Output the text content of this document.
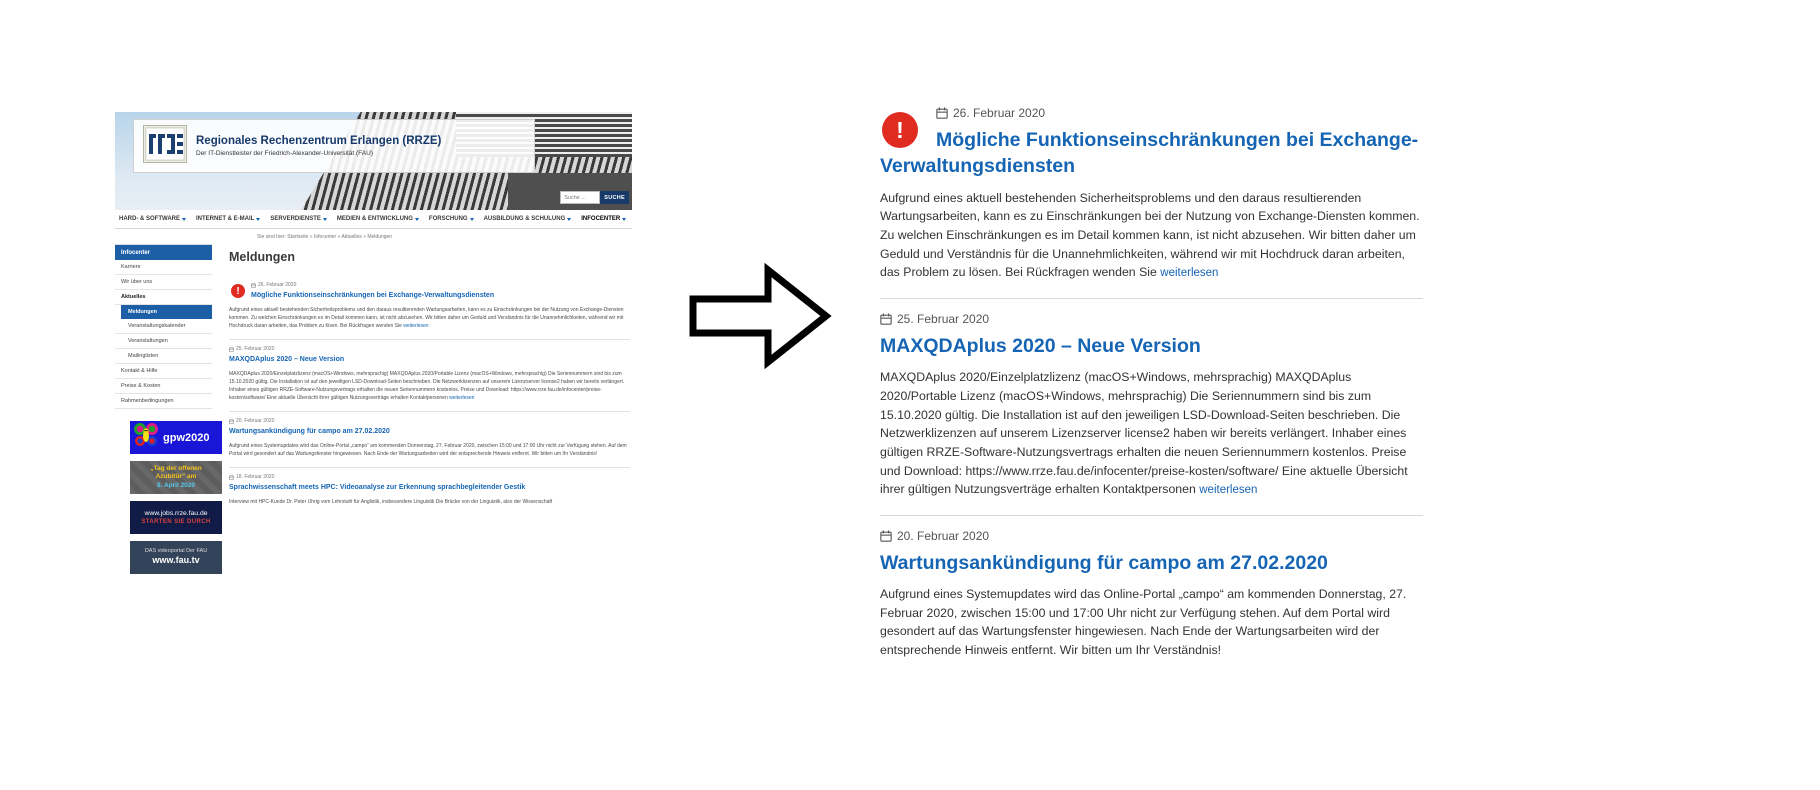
Regionales Rechenzentrum Erlangen (RRZE)
Der IT-Dienstleister der Friedrich-Alexander-Universität (FAU)
Suche ...
SUCHE
HARD- & SOFTWARE	INTERNET & E-MAIL	SERVERDIENSTE	MEDIEN & ENTWICKLUNG	FORSCHUNG	AUSBILDUNG & SCHULUNG	INFOCENTER
Sie sind hier: Startseite » Infocenter » Aktuelles » Meldungen
Infocenter
Karriere
Wir über uns
Aktuelles
Meldungen
Veranstaltungskalender
Veranstaltungen
Mailinglisten
Kontakt & Hilfe
Preise & Kosten
Rahmenbedingungen
gpw2020
„Tag der offenen
Azubitür“ am
8. April 2020
www.jobs.rrze.fau.de
STARTEN SIE DURCH
DAS videoportal Der FAU
www.fau.tv
Meldungen
!
26. Februar 2020
Mögliche Funktionseinschränkungen bei Exchange-Verwaltungsdiensten
Aufgrund eines aktuell bestehenden Sicherheitsproblems und den daraus resultierenden Wartungsarbeiten, kann es zu Einschränkungen bei der Nutzung von Exchange-Diensten kommen. Zu welchen Einschränkungen es im Detail kommen kann, ist nicht abzusehen. Wir bitten daher um Geduld und Verständnis für die Unannehmlichkeiten, während wir mit Hochdruck daran arbeiten, das Problem zu lösen. Bei Rückfragen wenden Sie weiterlesen
25. Februar 2020
MAXQDAplus 2020 – Neue Version
MAXQDAplus 2020/Einzelplatzlizenz (macOS+Windows, mehrsprachig) MAXQDAplus 2020/Portable Lizenz (macOS+Windows, mehrsprachig) Die Seriennummern sind bis zum 15.10.2020 gültig. Die Installation ist auf den jeweiligen LSD-Download-Seiten beschrieben. Die Netzwerklizenzen auf unserem Lizenzserver license2 haben wir bereits verlängert. Inhaber eines gültigen RRZE-Software-Nutzungsvertrags erhalten die neuen Seriennummern kostenlos. Preise und Download: https://www.rrze.fau.de/infocenter/preise-kosten/software/ Eine aktuelle Übersicht ihrer gültigen Nutzungsverträge erhalten Kontaktpersonen weiterlesen
20. Februar 2020
Wartungsankündigung für campo am 27.02.2020
Aufgrund eines Systemupdates wird das Online-Portal „campo“ am kommenden Donnerstag, 27. Februar 2020, zwischen 15:00 und 17:00 Uhr nicht zur Verfügung stehen. Auf dem Portal wird gesondert auf das Wartungsfenster hingewiesen. Nach Ende der Wartungsarbeiten wird der entsprechende Hinweis entfernt. Wir bitten um Ihr Verständnis!
18. Februar 2020
Sprachwissenschaft meets HPC: Videoanalyse zur Erkennung sprachbegleitender Gestik
Interview mit HPC-Kunde Dr. Peter Uhrig vom Lehrstuhl für Anglistik, insbesondere Linguistik Die Brücke von der Linguistik, also der Wissenschaft
!
26. Februar 2020
Mögliche Funktionseinschränkungen bei Exchange-Verwaltungsdiensten
Aufgrund eines aktuell bestehenden Sicherheitsproblems und den daraus resultierenden Wartungsarbeiten, kann es zu Einschränkungen bei der Nutzung von Exchange-Diensten kommen. Zu welchen Einschränkungen es im Detail kommen kann, ist nicht abzusehen. Wir bitten daher um Geduld und Verständnis für die Unannehmlichkeiten, während wir mit Hochdruck daran arbeiten, das Problem zu lösen. Bei Rückfragen wenden Sie weiterlesen
25. Februar 2020
MAXQDAplus 2020 – Neue Version
MAXQDAplus 2020/Einzelplatzlizenz (macOS+Windows, mehrsprachig) MAXQDAplus 2020/Portable Lizenz (macOS+Windows, mehrsprachig) Die Seriennummern sind bis zum 15.10.2020 gültig. Die Installation ist auf den jeweiligen LSD-Download-Seiten beschrieben. Die Netzwerklizenzen auf unserem Lizenzserver license2 haben wir bereits verlängert. Inhaber eines gültigen RRZE-Software-Nutzungsvertrags erhalten die neuen Seriennummern kostenlos. Preise und Download: https://www.rrze.fau.de/infocenter/preise-kosten/software/ Eine aktuelle Übersicht ihrer gültigen Nutzungsverträge erhalten Kontaktpersonen weiterlesen
20. Februar 2020
Wartungsankündigung für campo am 27.02.2020
Aufgrund eines Systemupdates wird das Online-Portal „campo“ am kommenden Donnerstag, 27. Februar 2020, zwischen 15:00 und 17:00 Uhr nicht zur Verfügung stehen. Auf dem Portal wird gesondert auf das Wartungsfenster hingewiesen. Nach Ende der Wartungsarbeiten wird der entsprechende Hinweis entfernt. Wir bitten um Ihr Verständnis!
